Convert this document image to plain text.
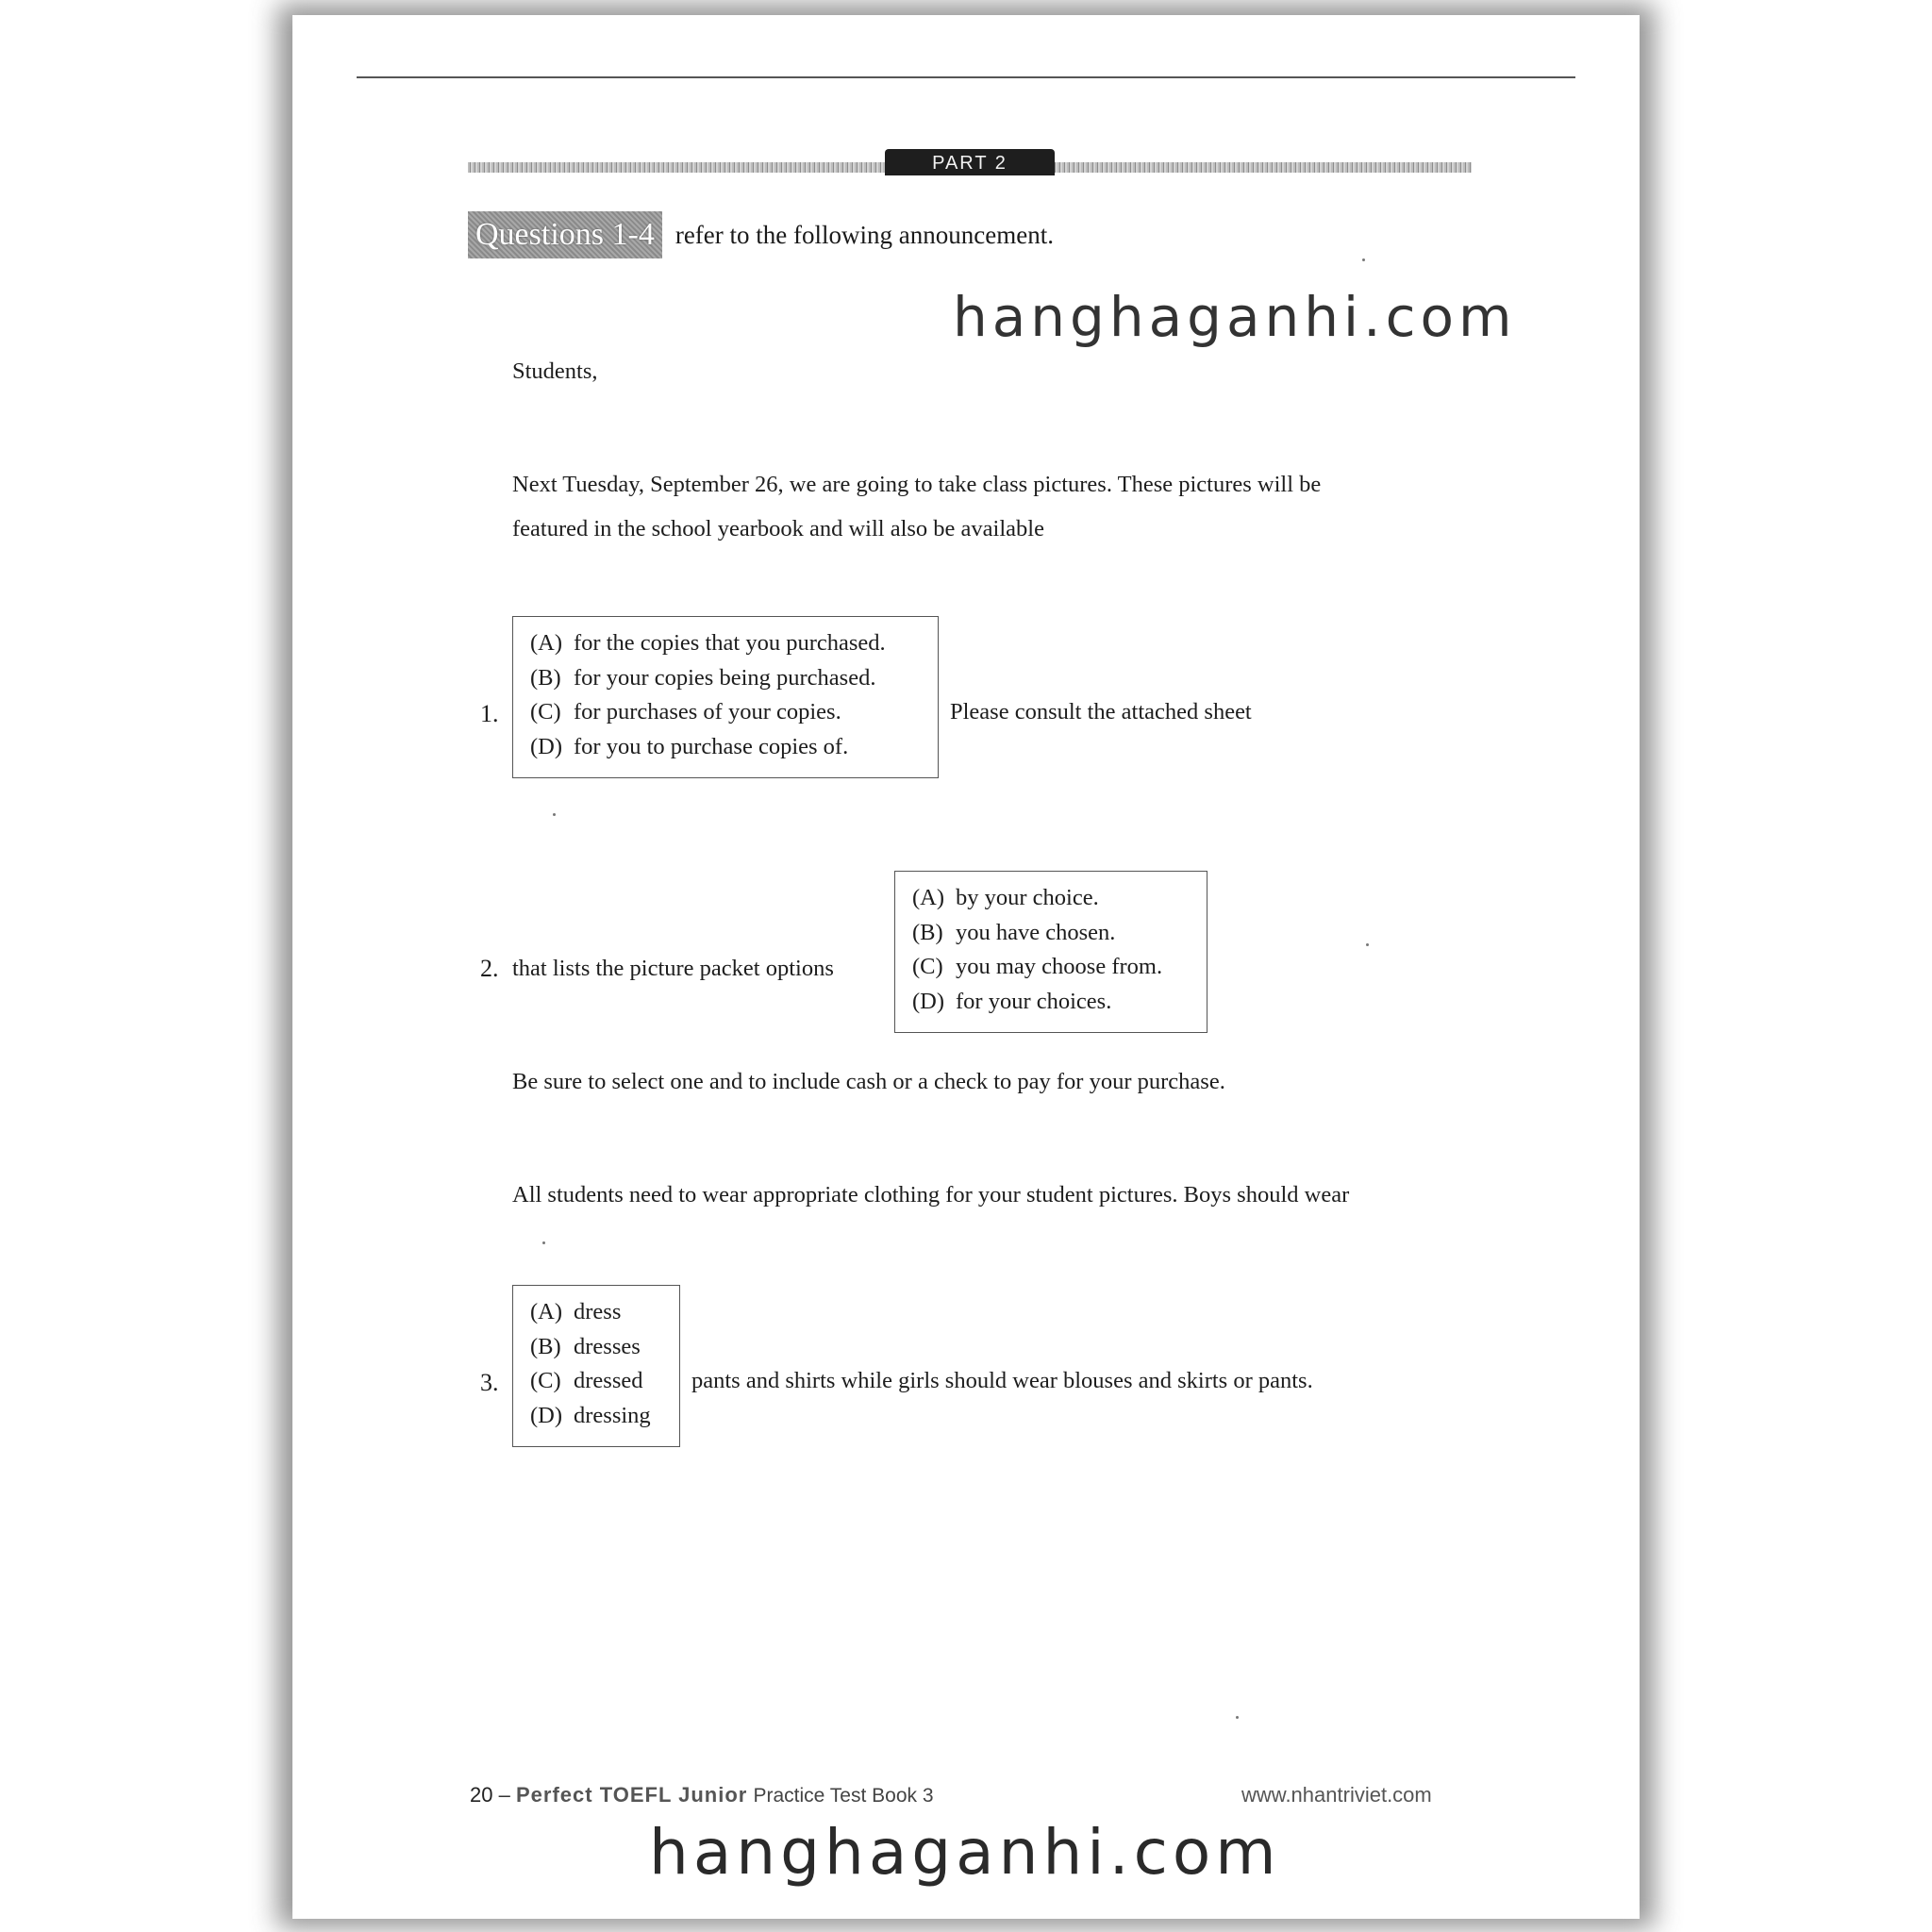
PART 2
Questions 1-4 refer to the following announcement.
Students,
Next Tuesday, September 26, we are going to take class pictures. These pictures will be
featured in the school yearbook and will also be available
1.
(A) for the copies that you purchased.
(B) for your copies being purchased.
(C) for purchases of your copies.
(D) for you to purchase copies of.
Please consult the attached sheet
2. that lists the picture packet options
(A) by your choice.
(B) you have chosen.
(C) you may choose from.
(D) for your choices.
Be sure to select one and to include cash or a check to pay for your purchase.
All students need to wear appropriate clothing for your student pictures. Boys should wear
3.
(A) dress
(B) dresses
(C) dressed
(D) dressing
pants and shirts while girls should wear blouses and skirts or pants.
20 – Perfect TOEFL Junior Practice Test Book 3	www.nhantriviet.com
hanghaganhi.com
hanghaganhi.com
